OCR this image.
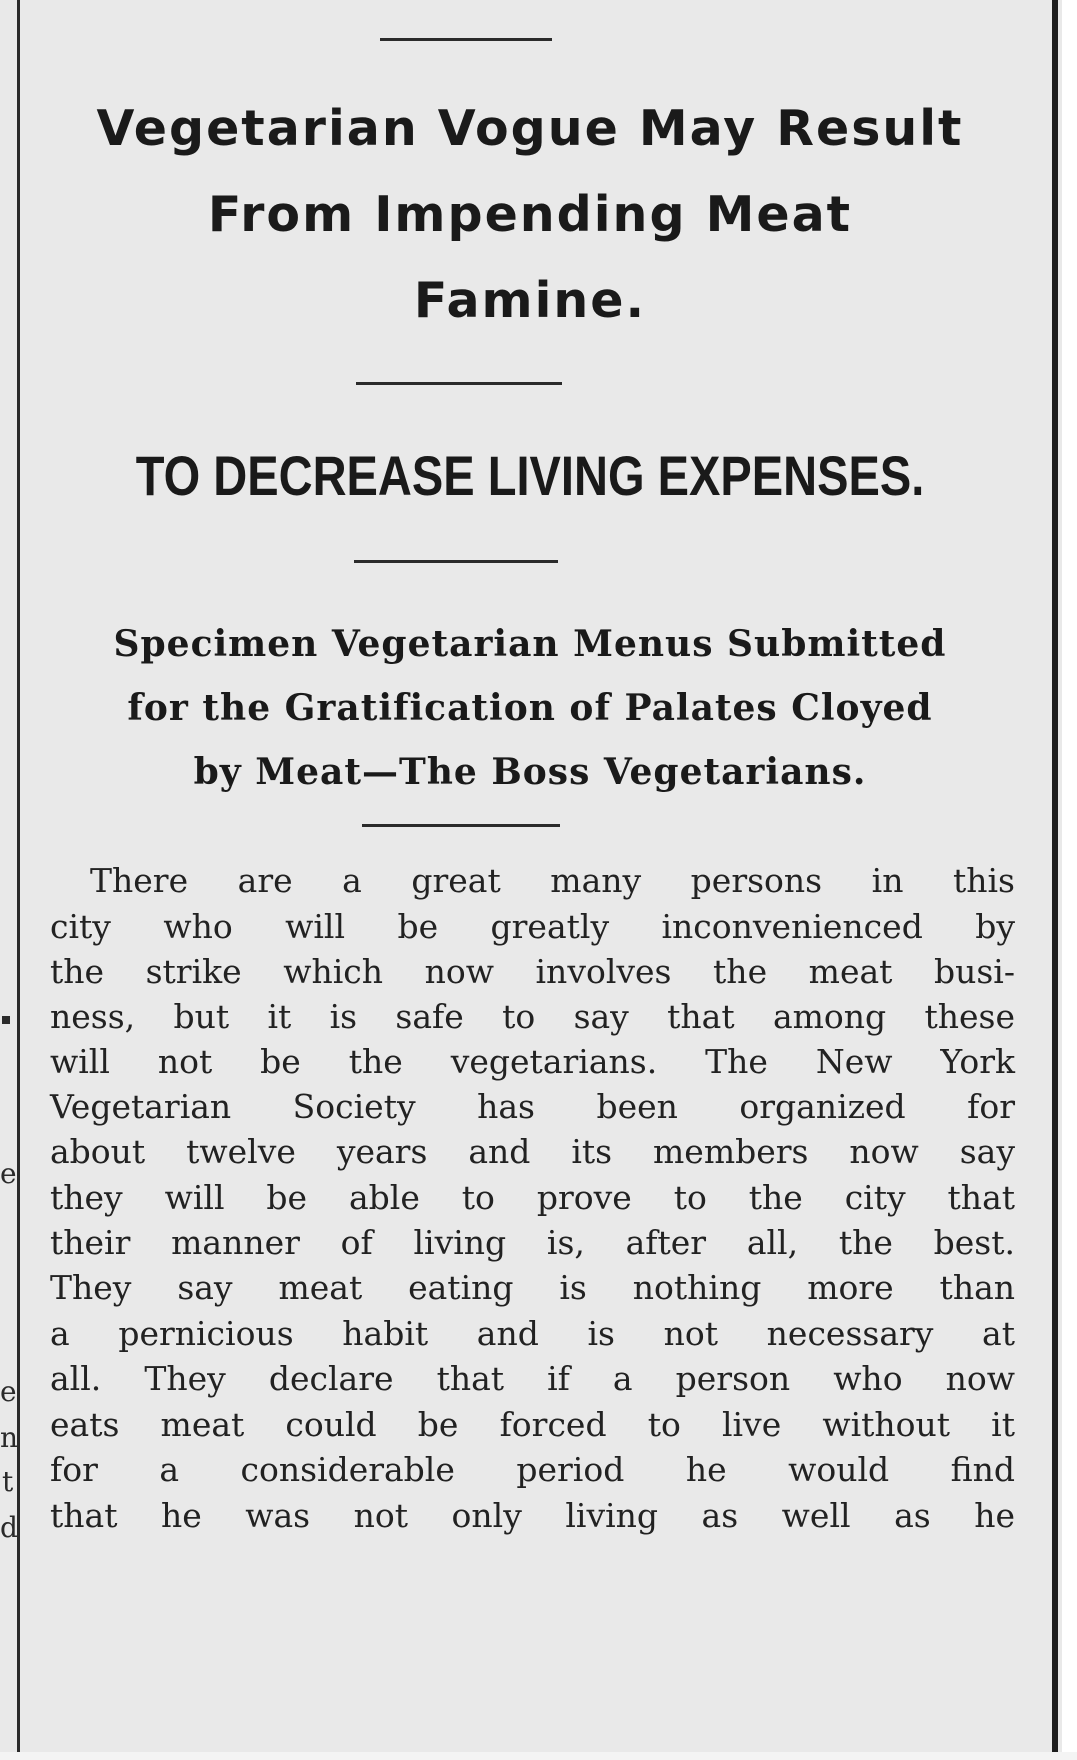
e
e
n
t
d
Vegetarian Vogue May Result
From Impending Meat
Famine.
TO DECREASE LIVING EXPENSES.
Specimen Vegetarian Menus Submitted
for the Gratification of Palates Cloyed
by Meat—The Boss Vegetarians.
There are a great many persons in this
city who will be greatly inconvenienced by
the strike which now involves the meat busi-
ness, but it is safe to say that among these
will not be the vegetarians. The New York
Vegetarian Society has been organized for
about twelve years and its members now say
they will be able to prove to the city that
their manner of living is, after all, the best.
They say meat eating is nothing more than
a pernicious habit and is not necessary at
all. They declare that if a person who now
eats meat could be forced to live without it
for a considerable period he would find
that he was not only living as well as he
